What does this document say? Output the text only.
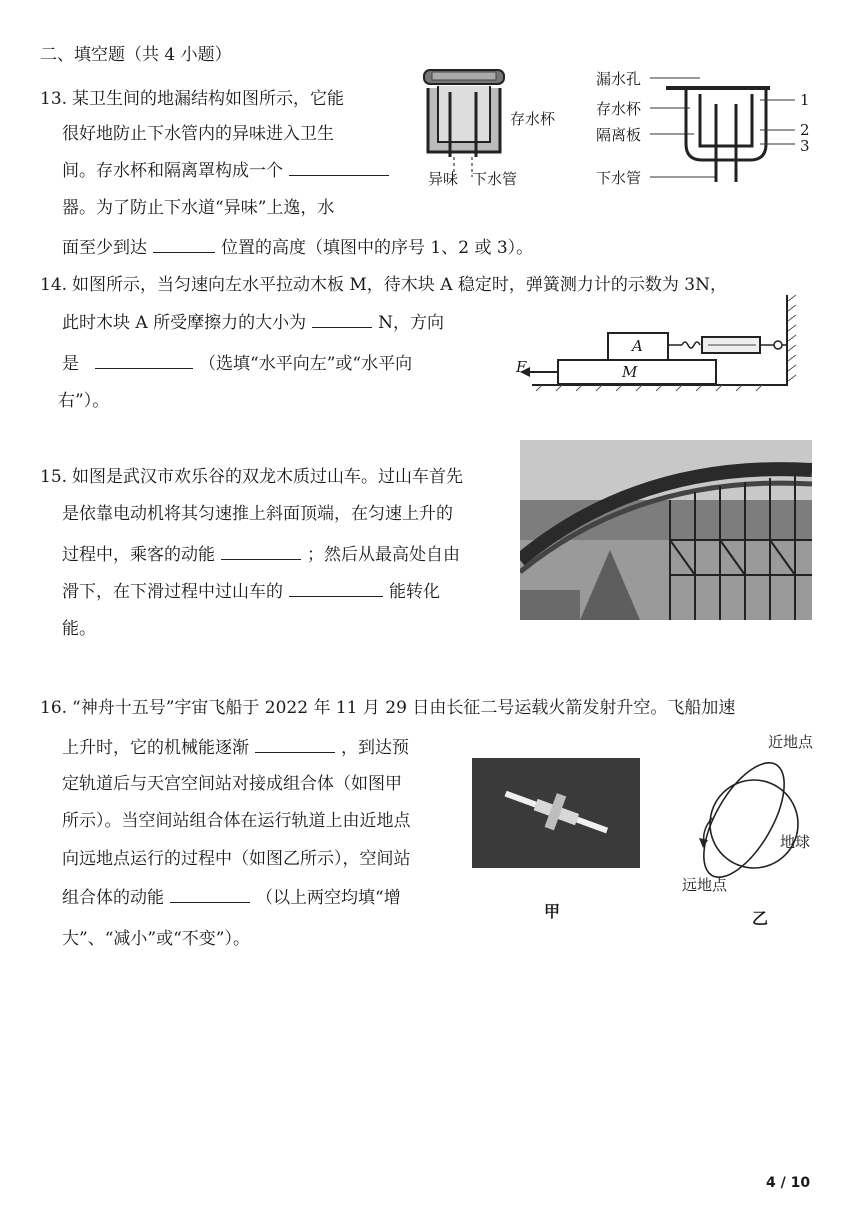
二、填空题（共 4 小题）
13. 某卫生间的地漏结构如图所示，它能
很好地防止下水管内的异味进入卫生
间。存水杯和隔离罩构成一个
器。为了防止下水道“异味”上逸，水
面至少到达	位置的高度（填图中的序号 1、2 或 3）。
存水杯
异味 下水管
漏水孔
存水杯
隔离板
下水管
1
2
3
14. 如图所示，当匀速向左水平拉动木板 M，待木块 A 稳定时，弹簧测力计的示数为 3N，
此时木块 A 所受摩擦力的大小为	N，方向
是	（选填“水平向左”或“水平向
右”）。
A
M
F
15. 如图是武汉市欢乐谷的双龙木质过山车。过山车首先
是依靠电动机将其匀速推上斜面顶端，在匀速上升的
过程中，乘客的动能	；然后从最高处自由
滑下，在下滑过程中过山车的	能转化
能。
16. “神舟十五号”宇宙飞船于 2022 年 11 月 29 日由长征二号运载火箭发射升空。飞船加速
上升时，它的机械能逐渐	，到达预
定轨道后与天宫空间站对接成组合体（如图甲
所示）。当空间站组合体在运行轨道上由近地点
向远地点运行的过程中（如图乙所示），空间站
组合体的动能	（以上两空均填“增
大”、“减小”或“不变”）。
甲
近地点
地球
远地点
乙
4 / 10
